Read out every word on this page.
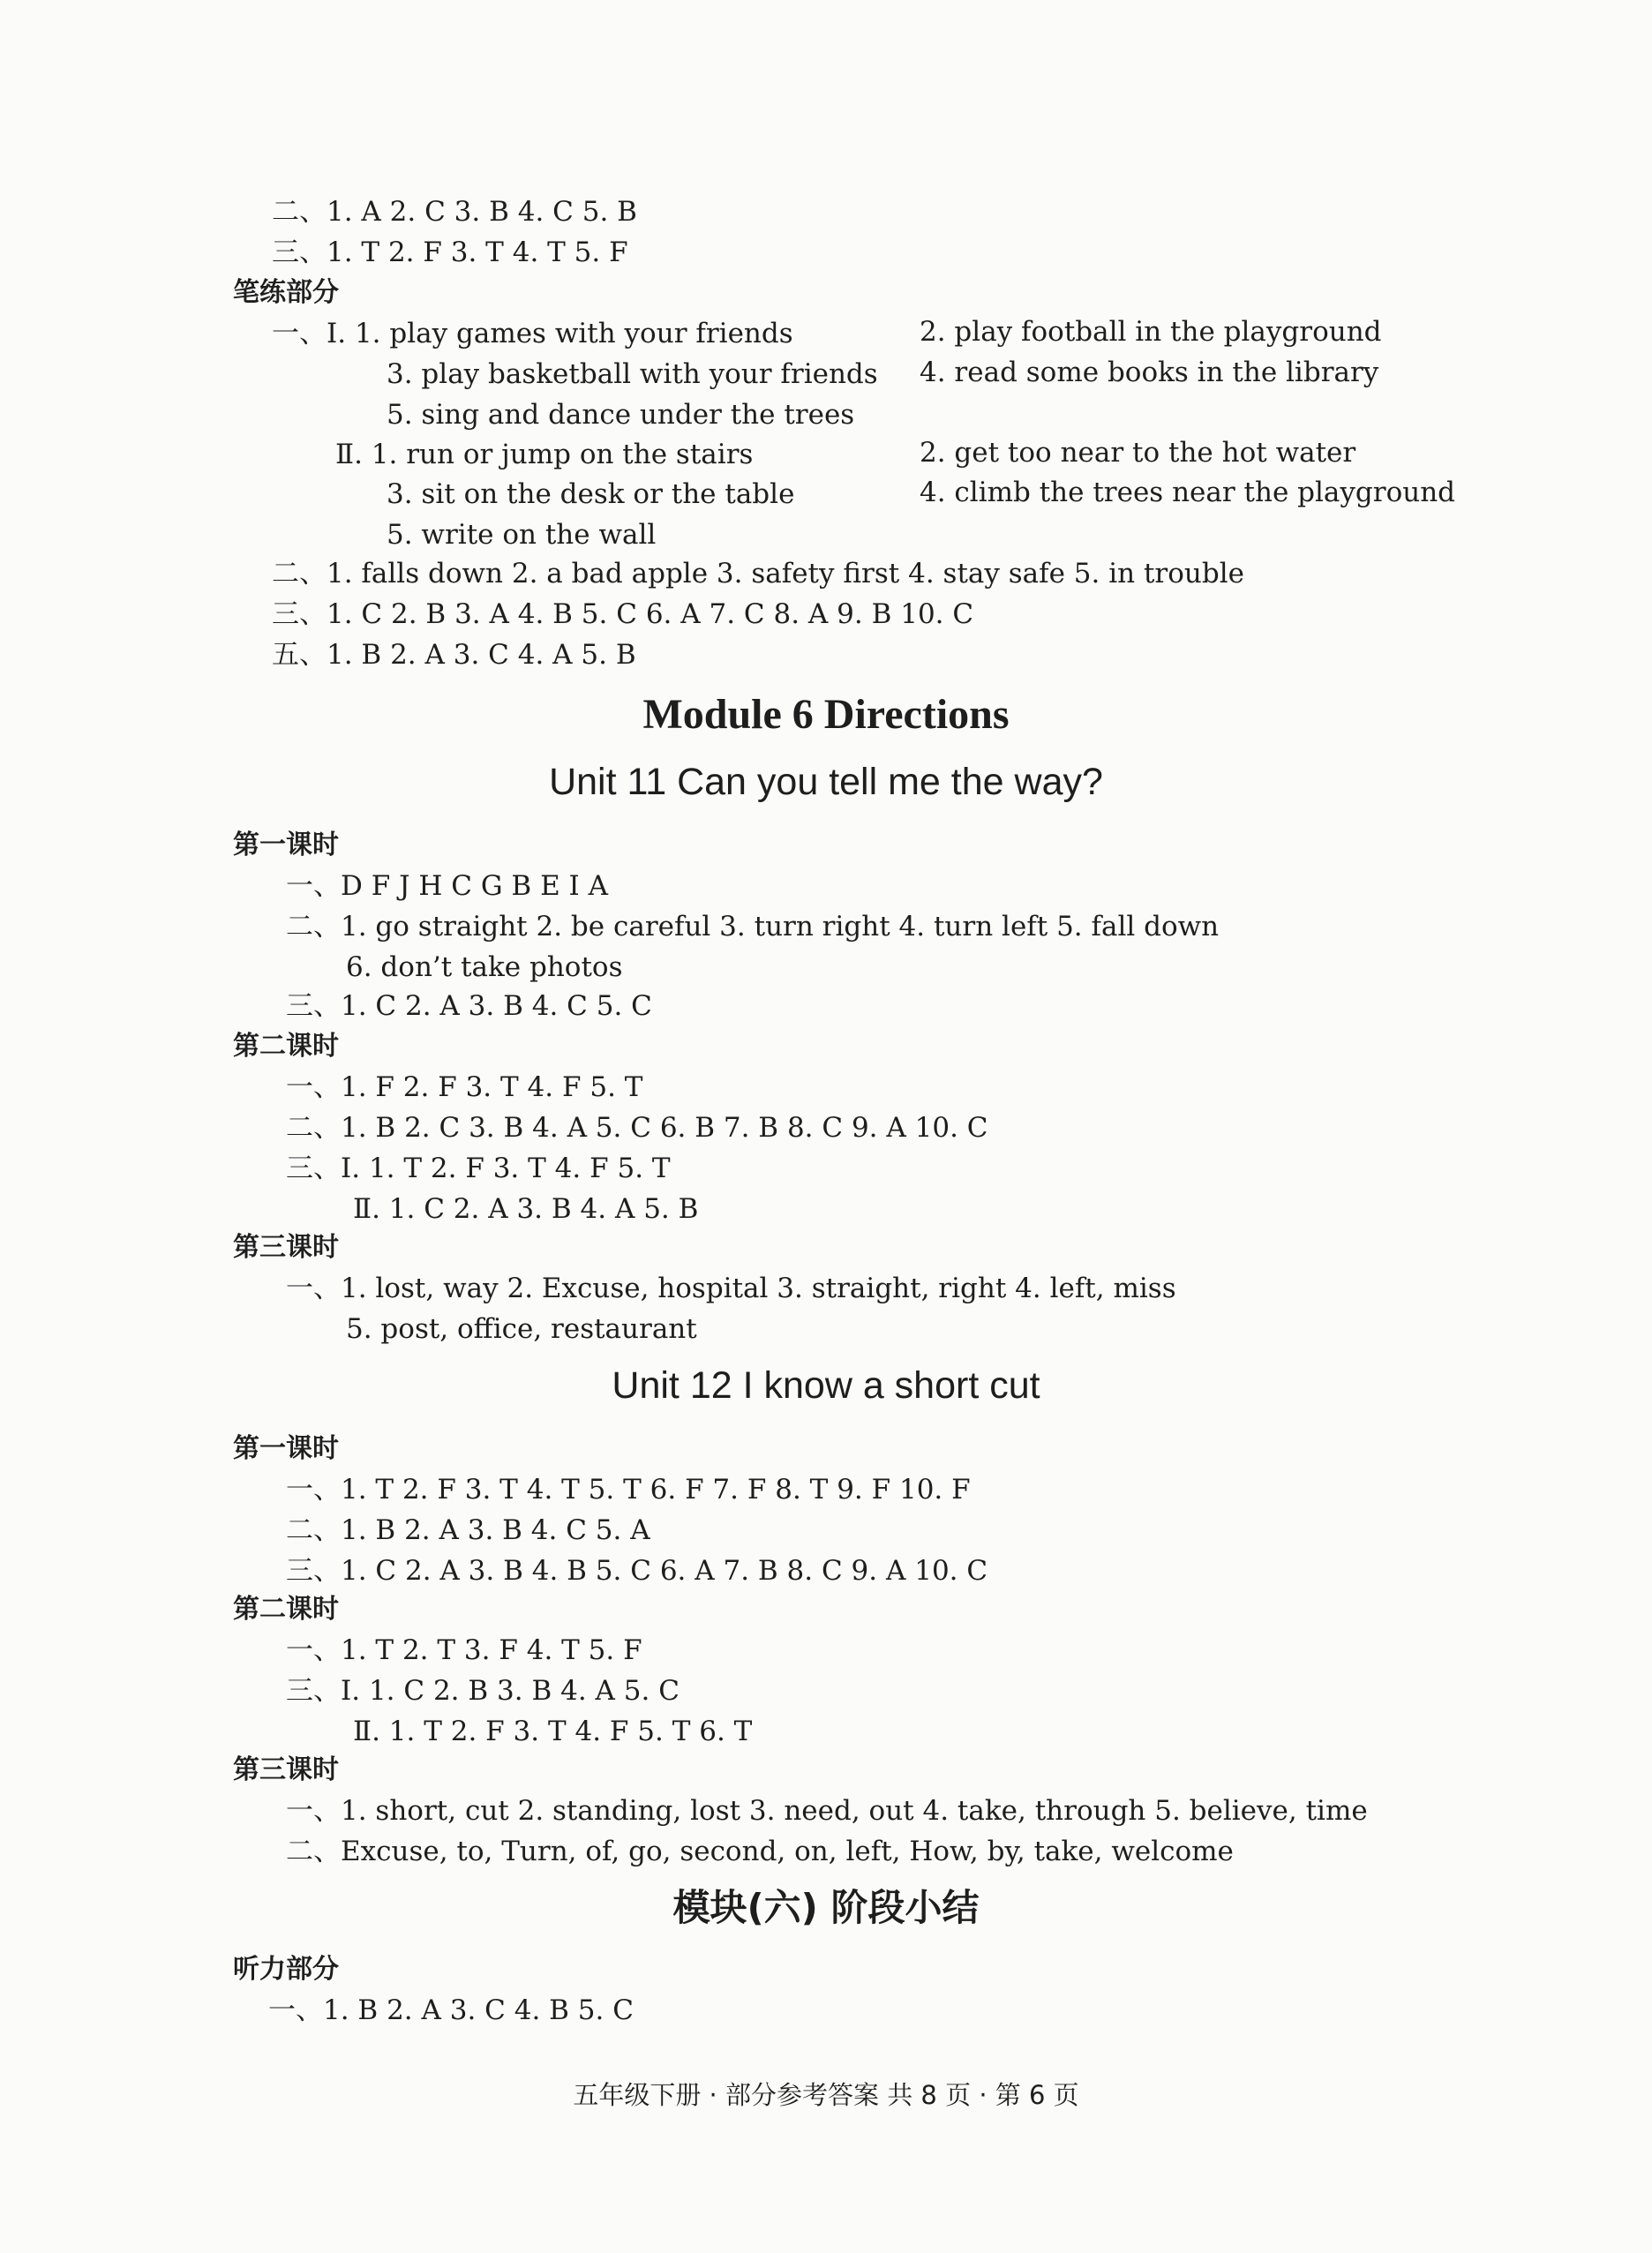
二、1. A 2. C 3. B 4. C 5. B
三、1. T 2. F 3. T 4. T 5. F
笔练部分
一、Ⅰ. 1. play games with your friends	2. play football in the playground
3. play basketball with your friends 4. read some books in the library
5. sing and dance under the trees
Ⅱ. 1. run or jump on the stairs	2. get too near to the hot water
3. sit on the desk or the table	4. climb the trees near the playground
5. write on the wall
二、1. falls down 2. a bad apple 3. safety first 4. stay safe 5. in trouble
三、1. C 2. B 3. A 4. B 5. C 6. A 7. C 8. A 9. B 10. C
五、1. B 2. A 3. C 4. A 5. B
Module 6 Directions
Unit 11 Can you tell me the way?
第一课时
一、D F J H C G B E I A
二、1. go straight 2. be careful 3. turn right 4. turn left 5. fall down
6. don’t take photos
三、1. C 2. A 3. B 4. C 5. C
第二课时
一、1. F 2. F 3. T 4. F 5. T
二、1. B 2. C 3. B 4. A 5. C 6. B 7. B 8. C 9. A 10. C
三、Ⅰ. 1. T 2. F 3. T 4. F 5. T
Ⅱ. 1. C 2. A 3. B 4. A 5. B
第三课时
一、1. lost, way 2. Excuse, hospital 3. straight, right 4. left, miss
5. post, office, restaurant
Unit 12 I know a short cut
第一课时
一、1. T 2. F 3. T 4. T 5. T 6. F 7. F 8. T 9. F 10. F
二、1. B 2. A 3. B 4. C 5. A
三、1. C 2. A 3. B 4. B 5. C 6. A 7. B 8. C 9. A 10. C
第二课时
一、1. T 2. T 3. F 4. T 5. F
三、Ⅰ. 1. C 2. B 3. B 4. A 5. C
Ⅱ. 1. T 2. F 3. T 4. F 5. T 6. T
第三课时
一、1. short, cut 2. standing, lost 3. need, out 4. take, through 5. believe, time
二、Excuse, to, Turn, of, go, second, on, left, How, by, take, welcome
模块(六) 阶段小结
听力部分
一、1. B 2. A 3. C 4. B 5. C
五年级下册 · 部分参考答案 共 8 页 · 第 6 页
